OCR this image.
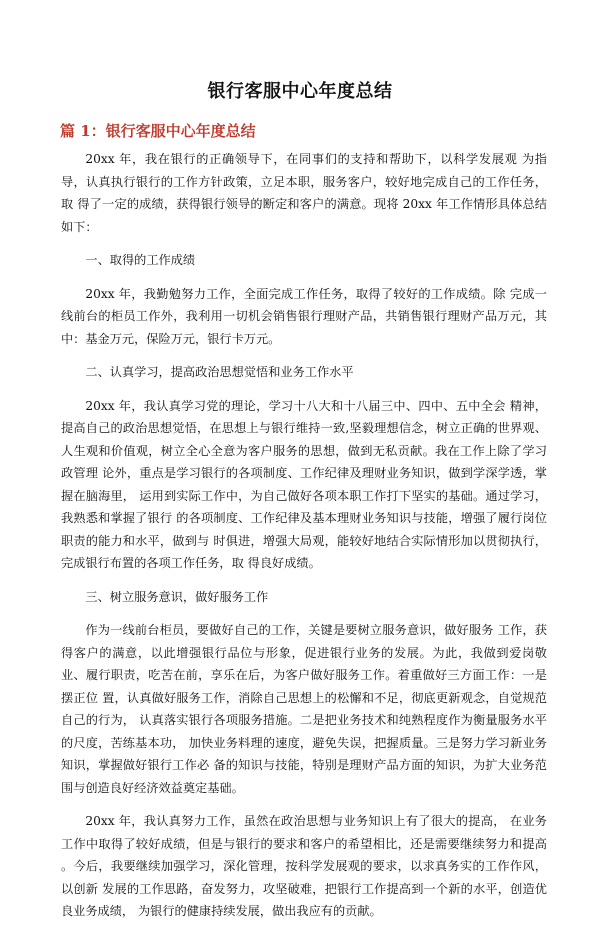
银行客服中心年度总结
篇 1：银行客服中心年度总结

20xx 年，我在银行的正确领导下，在同事们的支持和帮助下，以科学发展观 为指导，认真执行银行的工作方针政策，立足本职，服务客户，较好地完成自己的工作任务，取 得了一定的成绩，获得银行领导的断定和客户的满意。现将 20xx 年工作情形具体总结如下：

一、取得的工作成绩

20xx 年，我勤勉努力工作，全面完成工作任务，取得了较好的工作成绩。除 完成一线前台的柜员工作外，我利用一切机会销售银行理财产品，共销售银行理财产品万元，其 中：基金万元，保险万元，银行卡万元。

二、认真学习，提高政治思想觉悟和业务工作水平

20xx 年，我认真学习党的理论，学习十八大和十八届三中、四中、五中全会 精神，提高自己的政治思想觉悟，在思想上与银行维持一致,坚毅理想信念，树立正确的世界观、 人生观和价值观，树立全心全意为客户服务的思想，做到无私贡献。我在工作上除了学习政管理 论外，重点是学习银行的各项制度、工作纪律及理财业务知识，做到学深学透，掌握在脑海里， 运用到实际工作中，为自己做好各项本职工作打下坚实的基础。通过学习，我熟悉和掌握了银行 的各项制度、工作纪律及基本理财业务知识与技能，增强了履行岗位职责的能力和水平，做到与 时俱进，增强大局观，能较好地结合实际情形加以贯彻执行，完成银行布置的各项工作任务，取 得良好成绩。

三、树立服务意识，做好服务工作

作为一线前台柜员，要做好自己的工作，关键是要树立服务意识，做好服务 工作，获得客户的满意，以此增强银行品位与形象，促进银行业务的发展。为此，我做到爱岗敬 业、履行职责，吃苦在前，享乐在后，为客户做好服务工作。着重做好三方面工作：一是摆正位 置，认真做好服务工作，消除自己思想上的松懈和不足，彻底更新观念，自觉规范自己的行为， 认真落实银行各项服务措施。二是把业务技术和纯熟程度作为衡量服务水平的尺度，苦练基本功， 加快业务料理的速度，避免失误，把握质量。三是努力学习新业务知识，掌握做好银行工作必 备的知识与技能，特别是理财产品方面的知识，为扩大业务范围与创造良好经济效益奠定基础。

20xx 年，我认真努力工作，虽然在政治思想与业务知识上有了很大的提高， 在业务工作中取得了较好成绩，但是与银行的要求和客户的希望相比，还是需要继续努力和提高 。今后，我要继续加强学习，深化管理，按科学发展观的要求，以求真务实的工作作风，以创新 发展的工作思路，奋发努力，攻坚破难，把银行工作提高到一个新的水平，创造优良业务成绩， 为银行的健康持续发展，做出我应有的贡献。
